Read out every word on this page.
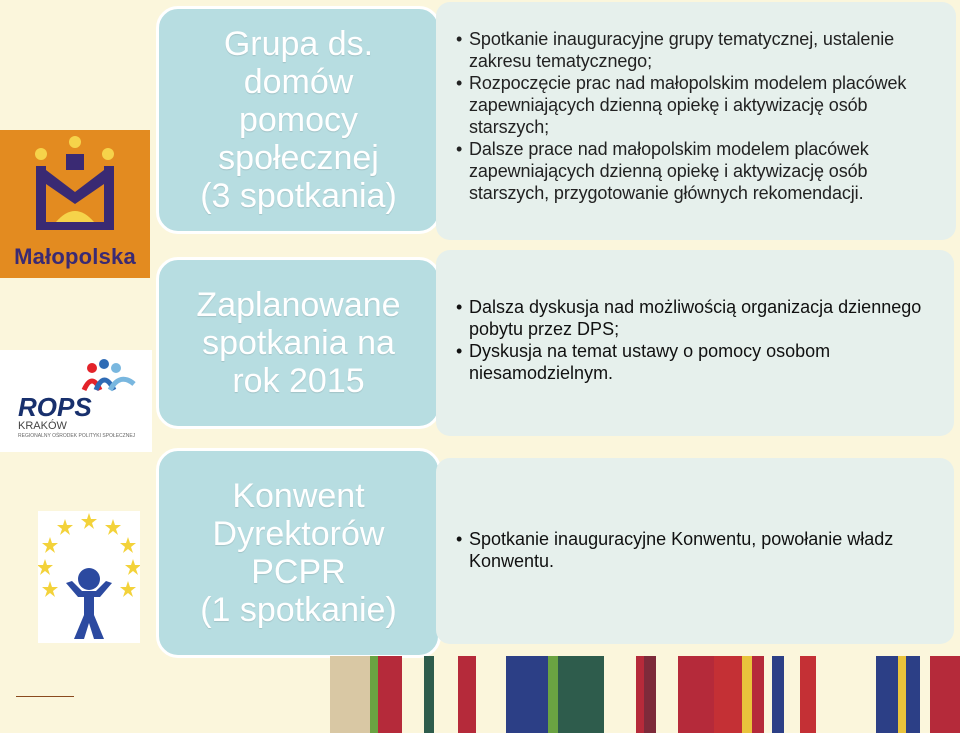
Małopolska
ROPS
KRAKÓW
REGIONALNY OŚRODEK POLITYKI SPOŁECZNEJ
Grupa ds.
domów
pomocy
społecznej
(3 spotkania)
Zaplanowane
spotkania na
rok 2015
Konwent
Dyrektorów
PCPR
(1 spotkanie)
• Spotkanie inauguracyjne grupy tematycznej, ustalenie zakresu tematycznego;
• Rozpoczęcie prac nad małopolskim modelem placówek zapewniających dzienną opiekę i aktywizację osób starszych;
• Dalsze prace nad małopolskim modelem placówek zapewniających dzienną opiekę i aktywizację osób starszych, przygotowanie głównych rekomendacji.
• Dalsza dyskusja nad możliwością organizacja dziennego pobytu przez DPS;
• Dyskusja na temat ustawy o pomocy osobom niesamodzielnym.
• Spotkanie inauguracyjne Konwentu, powołanie władz Konwentu.
